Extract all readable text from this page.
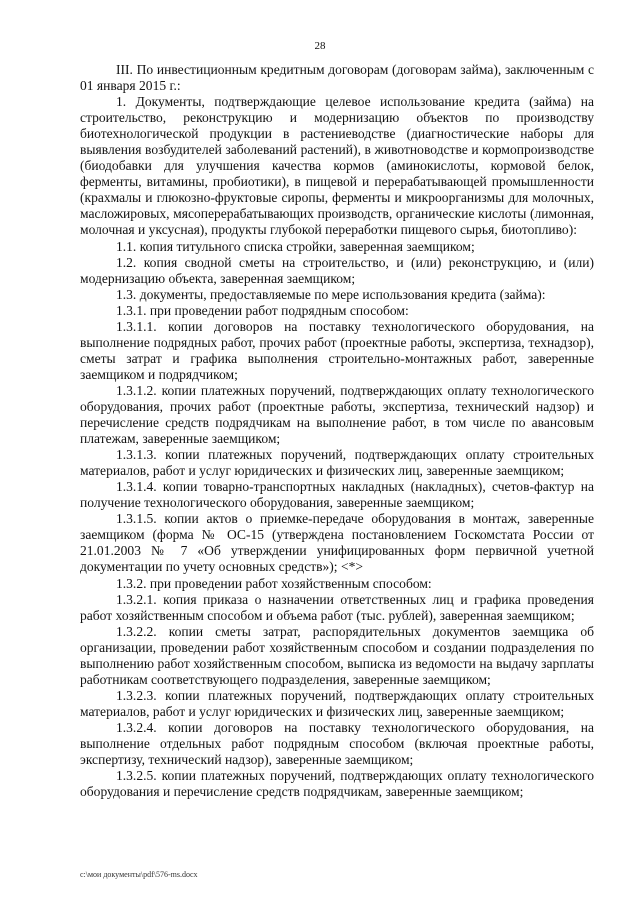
28

III. По инвестиционным кредитным договорам (договорам займа), заключенным с 01 января 2015 г.:

1. Документы, подтверждающие целевое использование кредита (займа) на строительство, реконструкцию и модернизацию объектов по производству биотехнологической продукции в растениеводстве (диагностические наборы для выявления возбудителей заболеваний растений), в животноводстве и кормопроизводстве (биодобавки для улучшения качества кормов (аминокислоты, кормовой белок, ферменты, витамины, пробиотики), в пищевой и перерабатывающей промышленности (крахмалы и глюкозно-фруктовые сиропы, ферменты и микроорганизмы для молочных, масложировых, мясоперерабатывающих производств, органические кислоты (лимонная, молочная и уксусная), продукты глубокой переработки пищевого сырья, биотопливо):

1.1. копия титульного списка стройки, заверенная заемщиком;

1.2. копия сводной сметы на строительство, и (или) реконструкцию, и (или) модернизацию объекта, заверенная заемщиком;

1.3. документы, предоставляемые по мере использования кредита (займа):

1.3.1. при проведении работ подрядным способом:

1.3.1.1. копии договоров на поставку технологического оборудования, на выполнение подрядных работ, прочих работ (проектные работы, экспертиза, технадзор), сметы затрат и графика выполнения строительно-монтажных работ, заверенные заемщиком и подрядчиком;

1.3.1.2. копии платежных поручений, подтверждающих оплату технологического оборудования, прочих работ (проектные работы, экспертиза, технический надзор) и перечисление средств подрядчикам на выполнение работ, в том числе по авансовым платежам, заверенные заемщиком;

1.3.1.3. копии платежных поручений, подтверждающих оплату строительных материалов, работ и услуг юридических и физических лиц, заверенные заемщиком;

1.3.1.4. копии товарно-транспортных накладных (накладных), счетов-фактур на получение технологического оборудования, заверенные заемщиком;

1.3.1.5. копии актов о приемке-передаче оборудования в монтаж, заверенные заемщиком (форма № ОС-15 (утверждена постановлением Госкомстата России от 21.01.2003 № 7 «Об утверждении унифицированных форм первичной учетной документации по учету основных средств»); <*>

1.3.2. при проведении работ хозяйственным способом:

1.3.2.1. копия приказа о назначении ответственных лиц и графика проведения работ хозяйственным способом и объема работ (тыс. рублей), заверенная заемщиком;

1.3.2.2. копии сметы затрат, распорядительных документов заемщика об организации, проведении работ хозяйственным способом и создании подразделения по выполнению работ хозяйственным способом, выписка из ведомости на выдачу зарплаты работникам соответствующего подразделения, заверенные заемщиком;

1.3.2.3. копии платежных поручений, подтверждающих оплату строительных материалов, работ и услуг юридических и физических лиц, заверенные заемщиком;

1.3.2.4. копии договоров на поставку технологического оборудования, на выполнение отдельных работ подрядным способом (включая проектные работы, экспертизу, технический надзор), заверенные заемщиком;

1.3.2.5. копии платежных поручений, подтверждающих оплату технологического оборудования и перечисление средств подрядчикам, заверенные заемщиком;

c:\мои документы\pdf\576-ms.docx
